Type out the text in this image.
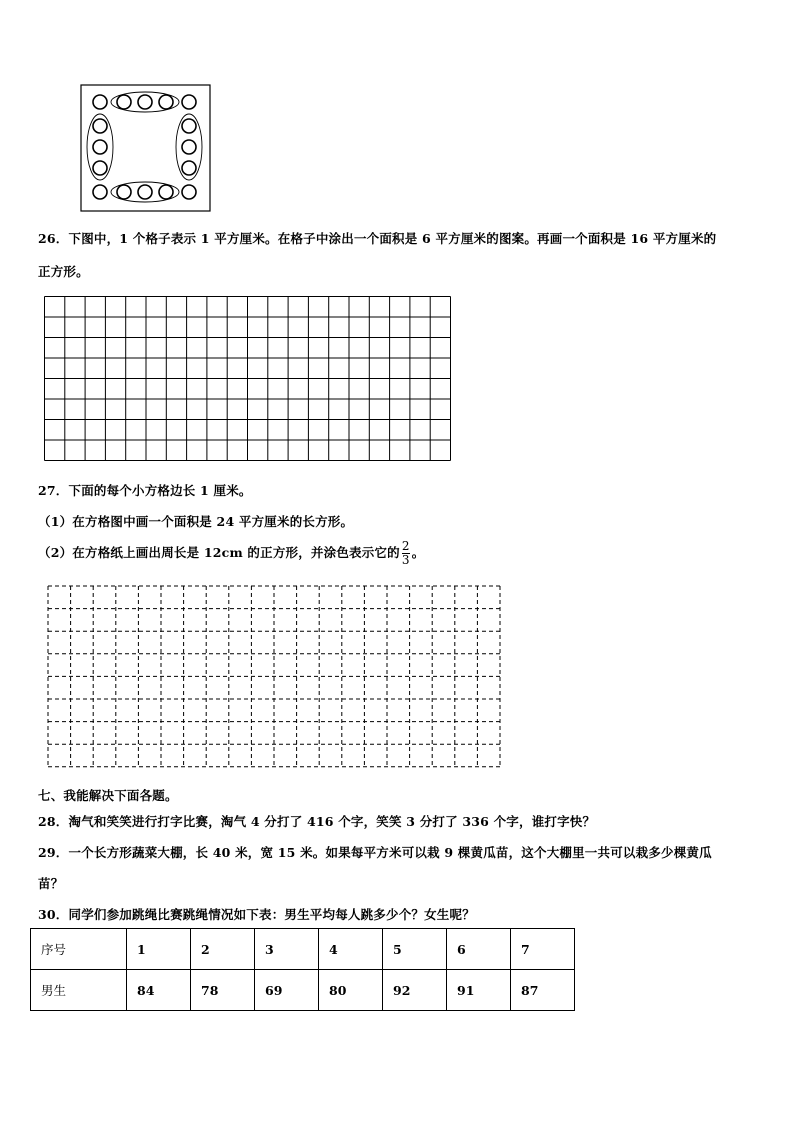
26．下图中，1 个格子表示 1 平方厘米。在格子中涂出一个面积是 6 平方厘米的图案。再画一个面积是 16 平方厘米的
正方形。
27．下面的每个小方格边长 1 厘米。
（1）在方格图中画一个面积是 24 平方厘米的长方形。
（2）在方格纸上画出周长是 12cm 的正方形，并涂色表示它的 $\frac{2}{3}$ 。
七、我能解决下面各题。
28．淘气和笑笑进行打字比赛，淘气 4 分打了 416 个字，笑笑 3 分打了 336 个字，谁打字快？
29．一个长方形蔬菜大棚，长 40 米，宽 15 米。如果每平方米可以栽 9 棵黄瓜苗，这个大棚里一共可以栽多少棵黄瓜
苗？
30．同学们参加跳绳比赛跳绳情况如下表：男生平均每人跳多少个？女生呢？
序号	1	2	3	4	5	6	7
男生	84	78	69	80	92	91	87
